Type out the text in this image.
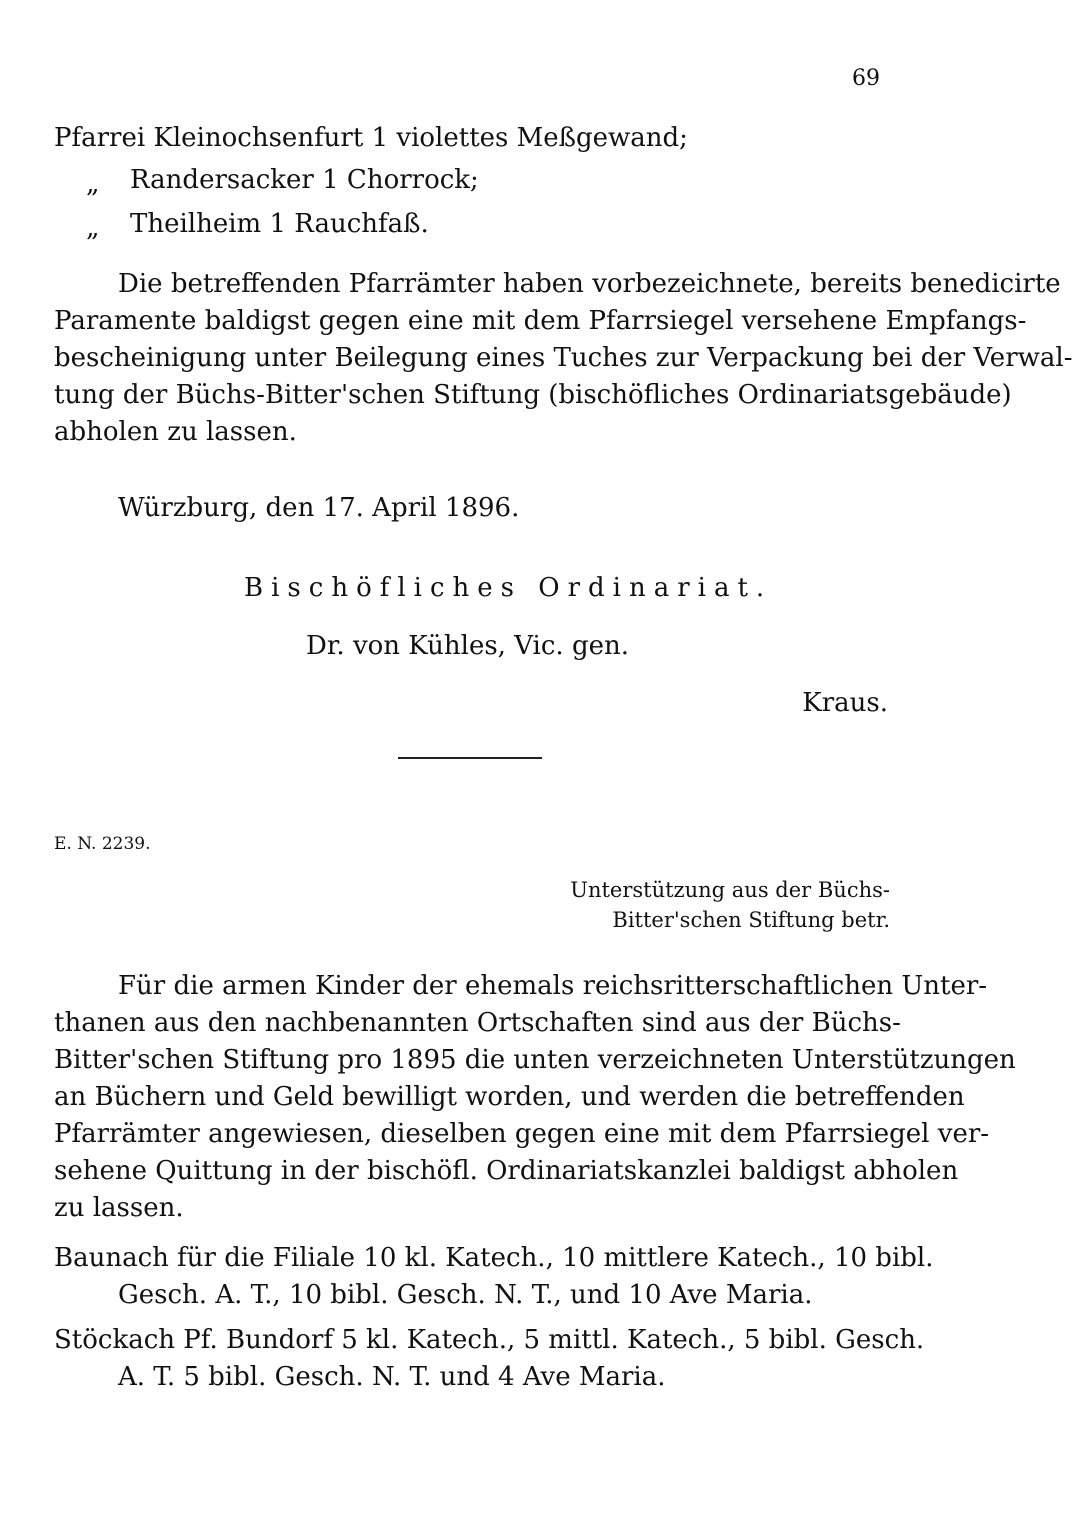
69
Pfarrei Kleinochsenfurt 1 violettes Meßgewand;
„ Randersacker 1 Chorrock;
„ Theilheim 1 Rauchfaß.
Die betreffenden Pfarrämter haben vorbezeichnete, bereits benedicirte
Paramente baldigst gegen eine mit dem Pfarrsiegel versehene Empfangs-
bescheinigung unter Beilegung eines Tuches zur Verpackung bei der Verwal-
tung der Büchs-Bitter'schen Stiftung (bischöfliches Ordinariatsgebäude)
abholen zu lassen.
Würzburg, den 17. April 1896.
Bischöfliches Ordinariat.
Dr. von Kühles, Vic. gen.
Kraus.
E. N. 2239.
Unterstützung aus der Büchs-
Bitter'schen Stiftung betr.
Für die armen Kinder der ehemals reichsritterschaftlichen Unter-
thanen aus den nachbenannten Ortschaften sind aus der Büchs-
Bitter'schen Stiftung pro 1895 die unten verzeichneten Unterstützungen
an Büchern und Geld bewilligt worden, und werden die betreffenden
Pfarrämter angewiesen, dieselben gegen eine mit dem Pfarrsiegel ver-
sehene Quittung in der bischöfl. Ordinariatskanzlei baldigst abholen
zu lassen.
Baunach für die Filiale 10 kl. Katech., 10 mittlere Katech., 10 bibl.
Gesch. A. T., 10 bibl. Gesch. N. T., und 10 Ave Maria.
Stöckach Pf. Bundorf 5 kl. Katech., 5 mittl. Katech., 5 bibl. Gesch.
A. T. 5 bibl. Gesch. N. T. und 4 Ave Maria.
